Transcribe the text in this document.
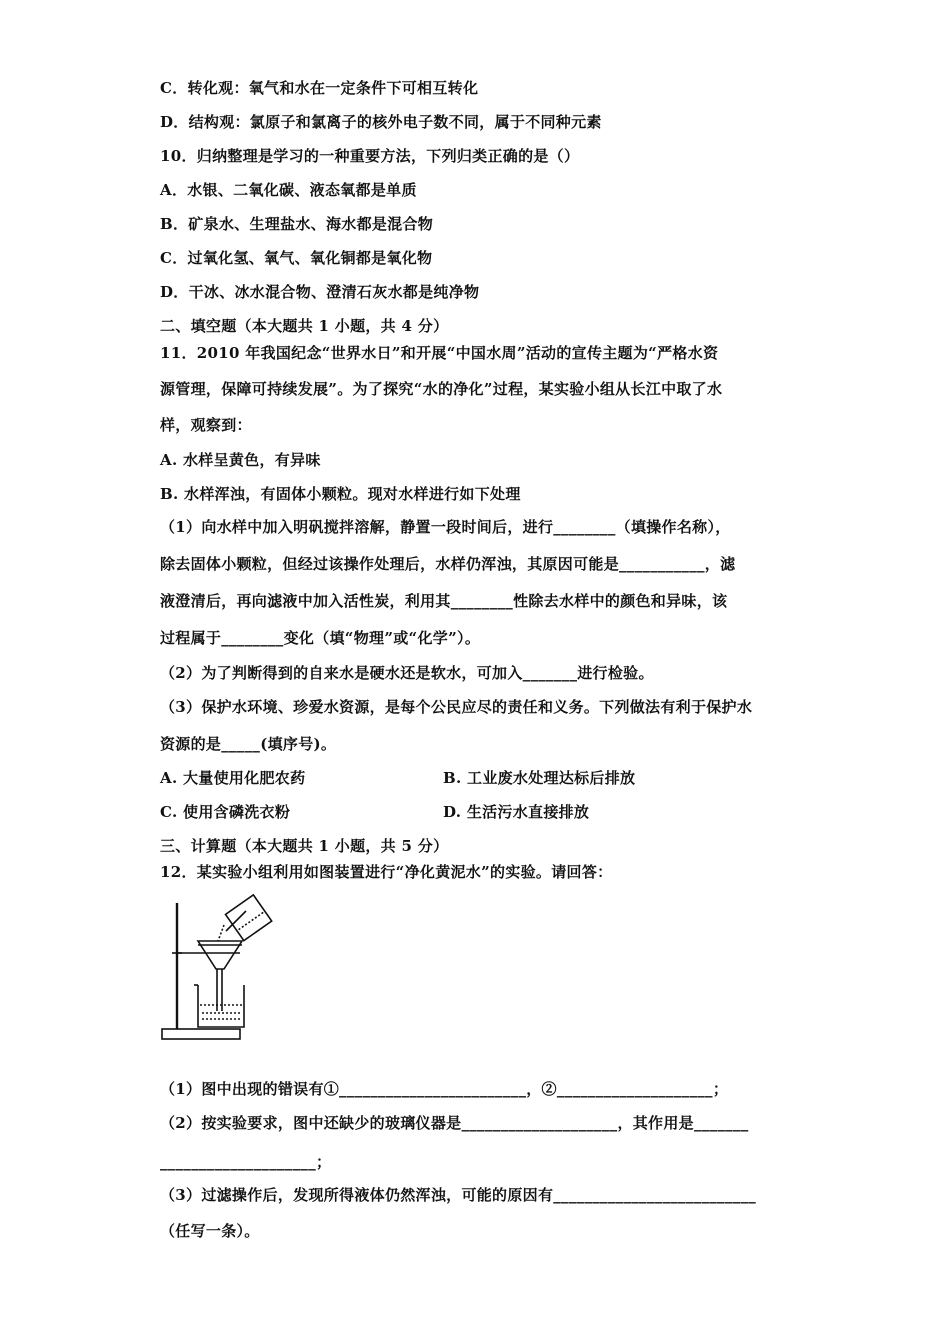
C．转化观：氧气和水在一定条件下可相互转化
D．结构观：氯原子和氯离子的核外电子数不同，属于不同种元素
10．归纳整理是学习的一种重要方法，下列归类正确的是（）
A．水银、二氧化碳、液态氧都是单质
B．矿泉水、生理盐水、海水都是混合物
C．过氧化氢、氧气、氧化铜都是氧化物
D．干冰、冰水混合物、澄清石灰水都是纯净物
二、填空题（本大题共 1 小题，共 4 分）
11．2010 年我国纪念“世界水日”和开展“中国水周”活动的宣传主题为“严格水资
源管理，保障可持续发展”。为了探究“水的净化”过程，某实验小组从长江中取了水
样，观察到：
A. 水样呈黄色，有异味
B. 水样浑浊，有固体小颗粒。现对水样进行如下处理
（1）向水样中加入明矾搅拌溶解，静置一段时间后，进行________（填操作名称），
除去固体小颗粒，但经过该操作处理后，水样仍浑浊，其原因可能是___________，滤
液澄清后，再向滤液中加入活性炭，利用其________性除去水样中的颜色和异味，该
过程属于________变化（填“物理”或“化学”）。
（2）为了判断得到的自来水是硬水还是软水，可加入_______进行检验。
（3）保护水环境、珍爱水资源，是每个公民应尽的责任和义务。下列做法有利于保护水
资源的是_____(填序号)。
A. 大量使用化肥农药	B. 工业废水处理达标后排放
C. 使用含磷洗衣粉	D. 生活污水直接排放
三、计算题（本大题共 1 小题，共 5 分）
12．某实验小组利用如图装置进行“净化黄泥水”的实验。请回答：
（1）图中出现的错误有①________________________，②____________________；
（2）按实验要求，图中还缺少的玻璃仪器是____________________，其作用是_______
____________________；
（3）过滤操作后，发现所得液体仍然浑浊，可能的原因有__________________________
（任写一条）。
